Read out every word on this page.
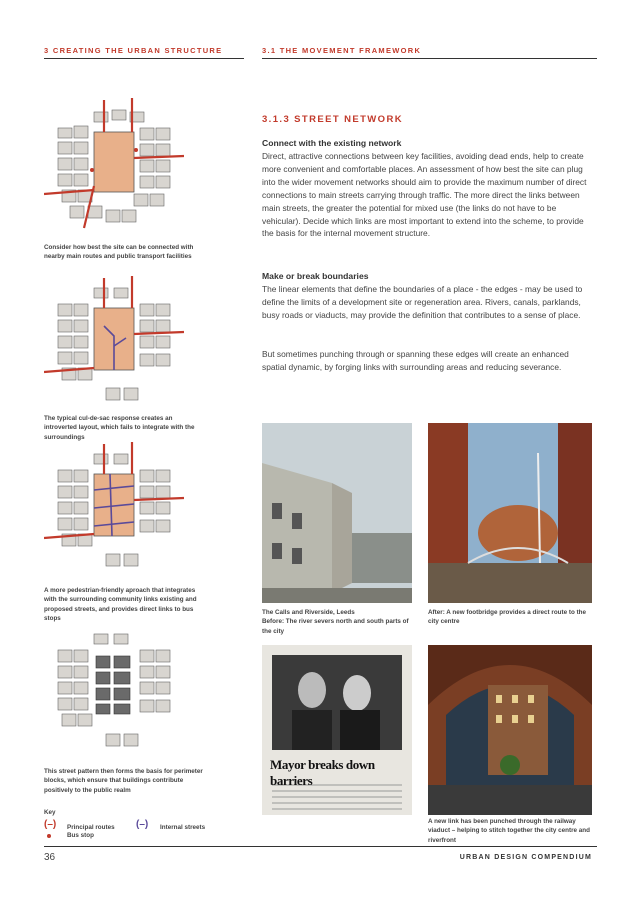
3 CREATING THE URBAN STRUCTURE	3.1 THE MOVEMENT FRAMEWORK
Consider how best the site can be connected with nearby main routes and public transport facilities
The typical cul-de-sac response creates an introverted layout, which fails to integrate with the surroundings
A more pedestrian-friendly aproach that integrates with the surrounding community links existing and proposed streets, and provides direct links to bus stops
This street pattern then forms the basis for perimeter blocks, which ensure that buildings contribute positively to the public realm
Key
(–) Principal routes (–) Internal streets
Bus stop
3.1.3 STREET NETWORK
Connect with the existing network
Direct, attractive connections between key facilities, avoiding dead ends, help to create more convenient and comfortable places. An assessment of how best the site can plug into the wider movement networks should aim to provide the maximum number of direct connections to main streets carrying through traffic. The more direct the links between main streets, the greater the potential for mixed use (the links do not have to be vehicular). Decide which links are most important to extend into the scheme, to provide the basis for the internal movement structure.
Make or break boundaries
The linear elements that define the boundaries of a place - the edges - may be used to define the limits of a development site or regeneration area. Rivers, canals, parklands, busy roads or viaducts, may provide the definition that contributes to a sense of place.
But sometimes punching through or spanning these edges will create an enhanced spatial dynamic, by forging links with surrounding areas and reducing severance.
The Calls and Riverside, Leeds
Before: The river severs north and south parts of the city
After: A new footbridge provides a direct route to the city centre
Mayor breaks down barriers
A new link has been punched through the railway viaduct – helping to stitch together the city centre and riverfront
36	URBAN DESIGN COMPENDIUM
